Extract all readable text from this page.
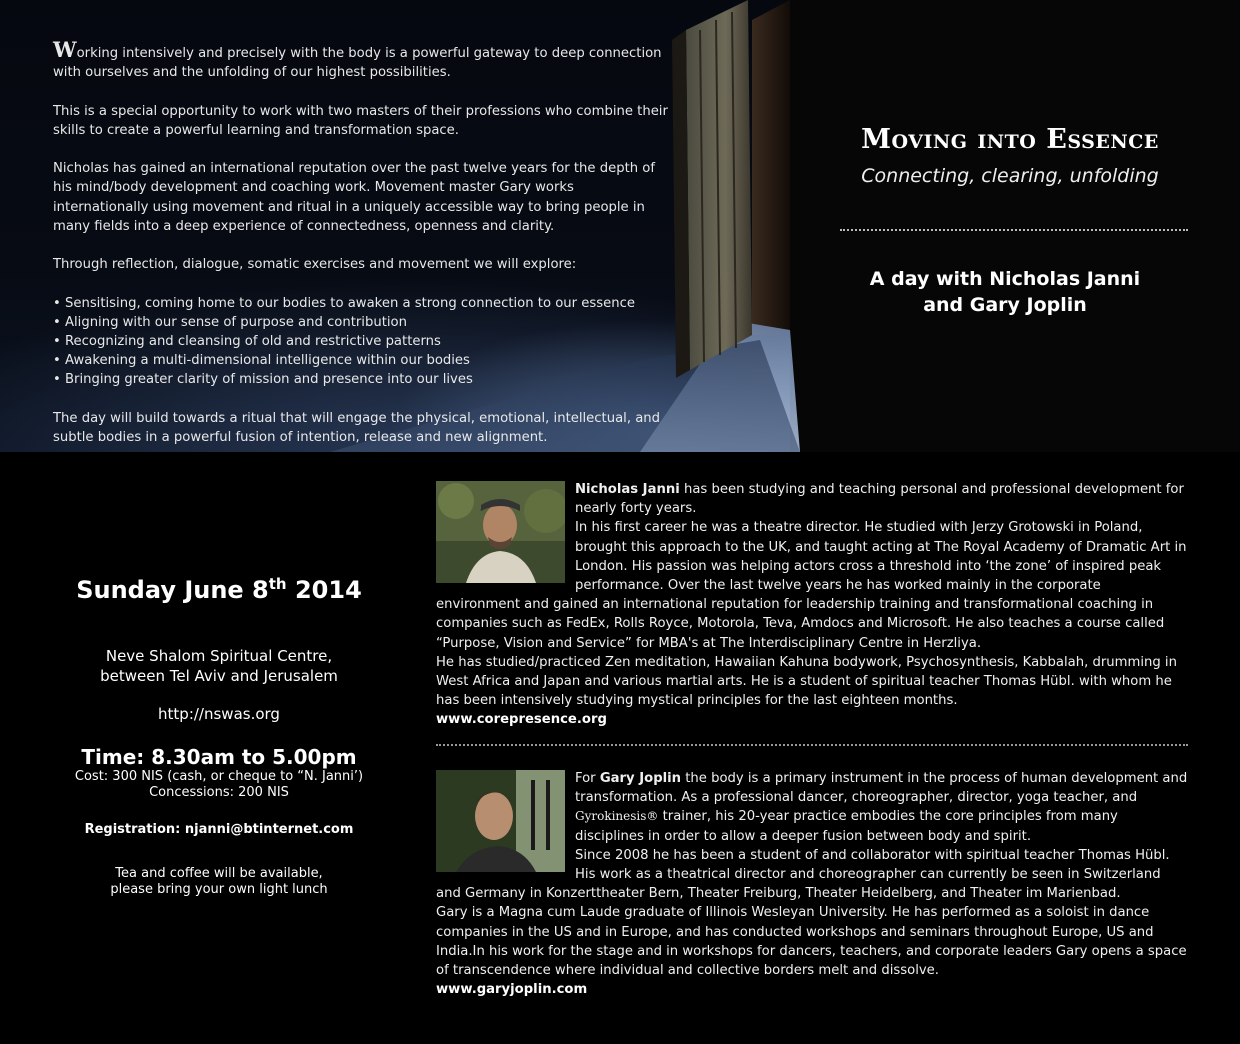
Working intensively and precisely with the body is a powerful gateway to deep connection with ourselves and the unfolding of our highest possibilities.

This is a special opportunity to work with two masters of their professions who combine their skills to create a powerful learning and transformation space.

Nicholas has gained an international reputation over the past twelve years for the depth of his mind/body development and coaching work. Movement master Gary works internationally using movement and ritual in a uniquely accessible way to bring people in many fields into a deep experience of connectedness, openness and clarity.

Through reflection, dialogue, somatic exercises and movement we will explore:

• Sensitising, coming home to our bodies to awaken a strong connection to our essence
• Aligning with our sense of purpose and contribution
• Recognizing and cleansing of old and restrictive patterns
• Awakening a multi-dimensional intelligence within our bodies
• Bringing greater clarity of mission and presence into our lives

The day will build towards a ritual that will engage the physical, emotional, intellectual, and subtle bodies in a powerful fusion of intention, release and new alignment.

Moving into Essence
Connecting, clearing, unfolding
A day with Nicholas Janni
and Gary Joplin
Sunday June 8th 2014
Neve Shalom Spiritual Centre,
between Tel Aviv and Jerusalem
http://nswas.org
Time: 8.30am to 5.00pm
Cost: 300 NIS (cash, or cheque to “N. Janni’)
Concessions: 200 NIS
Registration: njanni@btinternet.com
Tea and coffee will be available,
please bring your own light lunch
Nicholas Janni has been studying and teaching personal and professional development for nearly forty years.
In his first career he was a theatre director. He studied with Jerzy Grotowski in Poland, brought this approach to the UK, and taught acting at The Royal Academy of Dramatic Art in London. His passion was helping actors cross a threshold into ‘the zone’ of inspired peak performance. Over the last twelve years he has worked mainly in the corporate environment and gained an international reputation for leadership training and transformational coaching in companies such as FedEx, Rolls Royce, Motorola, Teva, Amdocs and Microsoft. He also teaches a course called “Purpose, Vision and Service” for MBA's at The Interdisciplinary Centre in Herzliya.
He has studied/practiced Zen meditation, Hawaiian Kahuna bodywork, Psychosynthesis, Kabbalah, drumming in West Africa and Japan and various martial arts. He is a student of spiritual teacher Thomas Hübl. with whom he has been intensively studying mystical principles for the last eighteen months.
www.corepresence.org
For Gary Joplin the body is a primary instrument in the process of human development and transformation. As a professional dancer, choreographer, director, yoga teacher, and Gyrokinesis® trainer, his 20-year practice embodies the core principles from many disciplines in order to allow a deeper fusion between body and spirit.
Since 2008 he has been a student of and collaborator with spiritual teacher Thomas Hübl.
His work as a theatrical director and choreographer can currently be seen in Switzerland and Germany in Konzerttheater Bern, Theater Freiburg, Theater Heidelberg, and Theater im Marienbad.
Gary is a Magna cum Laude graduate of Illinois Wesleyan University. He has performed as a soloist in dance companies in the US and in Europe, and has conducted workshops and seminars throughout Europe, US and India.In his work for the stage and in workshops for dancers, teachers, and corporate leaders Gary opens a space of transcendence where individual and collective borders melt and dissolve.
www.garyjoplin.com
